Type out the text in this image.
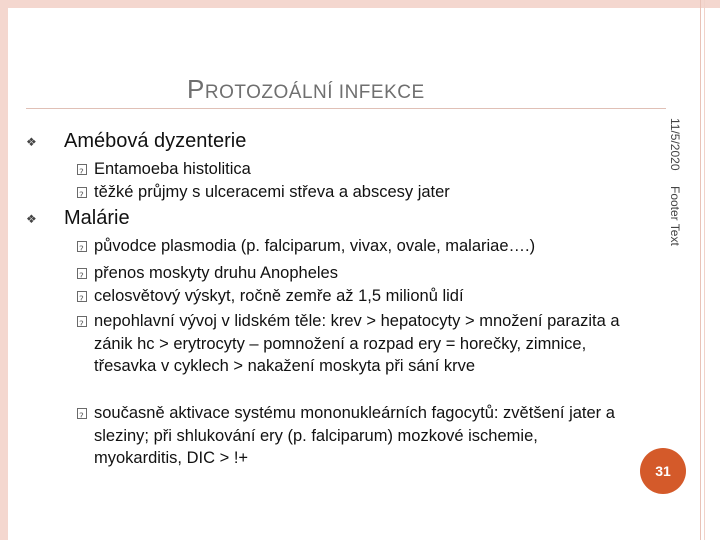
PROTOZOÁLNÍ INFEKCE
11/5/2020
Footer Text
❖ Amébová dyzenterie
?
Entamoeba histolitica
?
těžké průjmy s ulceracemi střeva a abscesy jater
❖ Malárie
?
původce plasmodia (p. falciparum, vivax, ovale, malariae….)
?
přenos moskyty druhu Anopheles
?
celosvětový výskyt, ročně zemře až 1,5 milionů lidí
?
nepohlavní vývoj v lidském těle: krev > hepatocyty > množení parazita a zánik hc > erytrocyty – pomnožení a rozpad ery = horečky, zimnice, třesavka v cyklech > nakažení moskyta při sání krve
?
současně aktivace systému mononukleárních fagocytů: zvětšení jater a sleziny; při shlukování ery (p. falciparum) mozkové ischemie, myokarditis, DIC > !+
31
